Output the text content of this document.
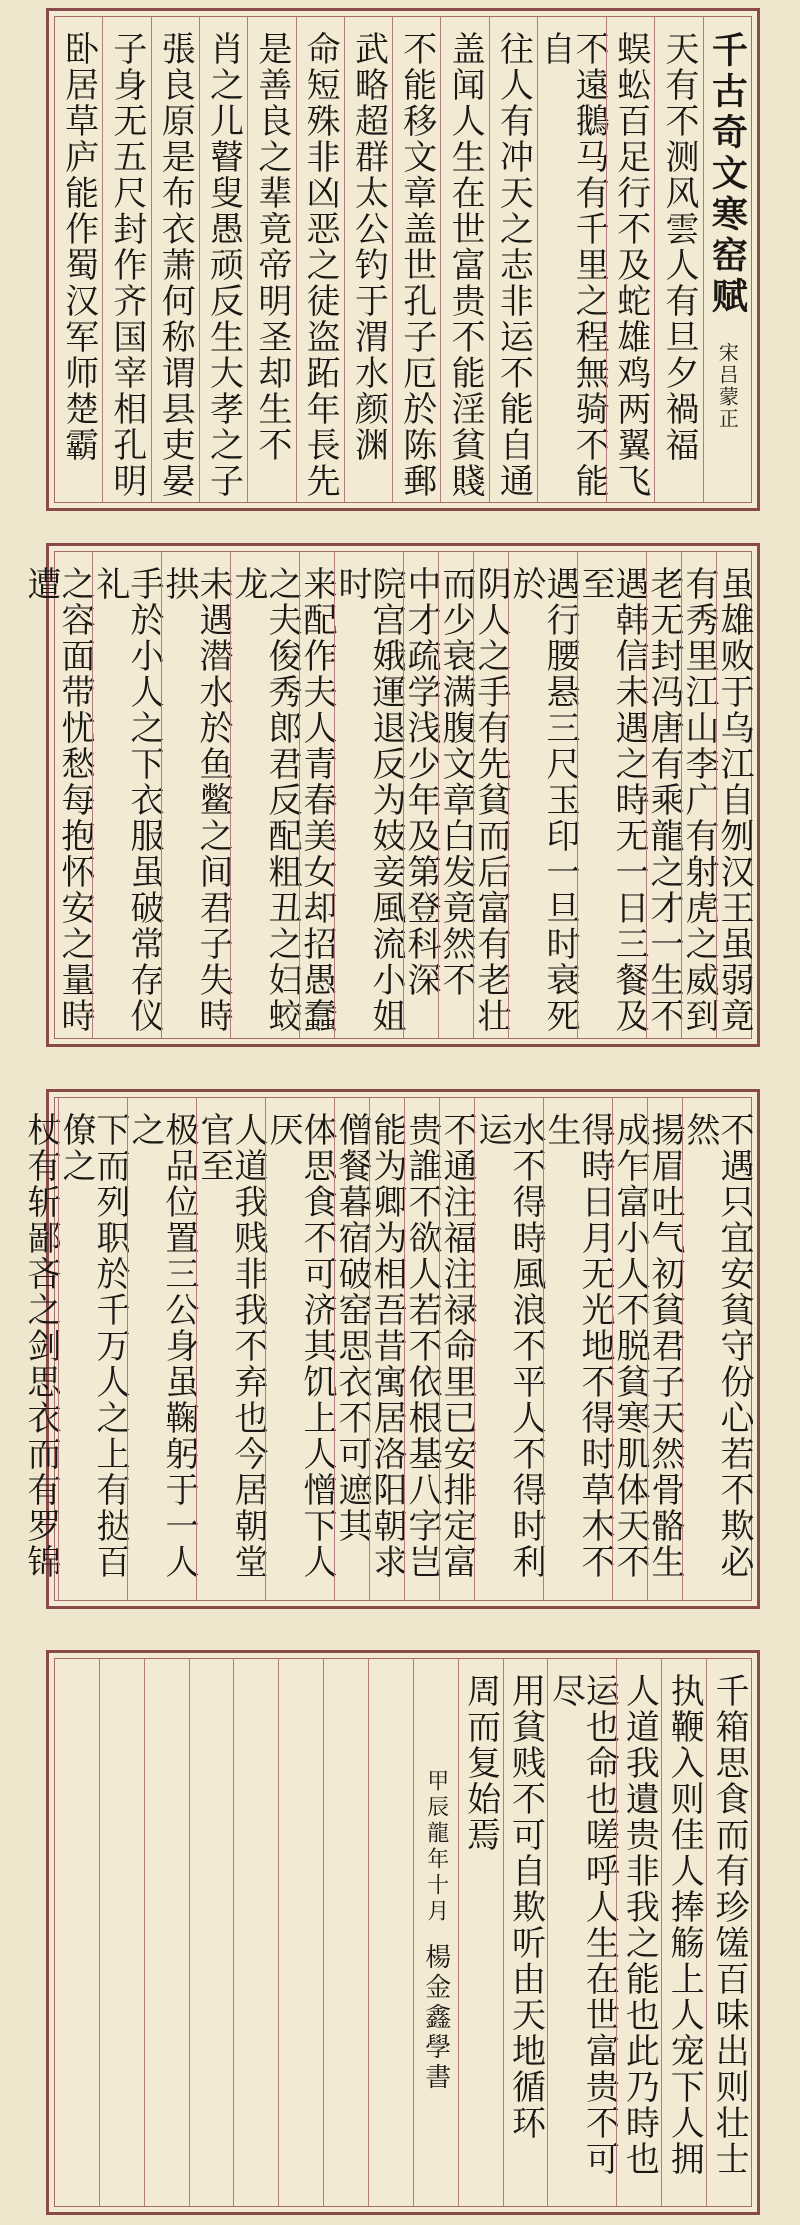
千古奇文寒窑赋
宋吕蒙正
天有不测风雲人有旦夕禍福
蜈蚣百足行不及蛇雄鸡两翼飞
不遠鵝马有千里之程無骑不能自
往人有冲天之志非运不能自通
盖闻人生在世富贵不能淫貧賤
不能移文章盖世孔子厄於陈郵
武略超群太公钓于渭水颜渊
命短殊非凶恶之徒盗跖年長先
是善良之辈竟帝明圣却生不
肖之儿瞽叟愚顽反生大孝之子
張良原是布衣萧何称谓县吏晏
子身无五尺封作齐国宰相孔明
卧居草庐能作蜀汉军师楚霸
虽雄败于乌江自刎汉王虽弱竟
有秀里江山李广有射虎之威到
老无封冯唐有乘龍之才一生不
遇韩信未遇之時无一日三餐及至
遇行腰悬三尺玉印一旦时衰死於
阴人之手有先貧而后富有老壮
而少衰满腹文章白发竟然不
中才疏学浅少年及第登科深
院宫娥運退反为妓妾風流小姐时
来配作夫人青春美女却招愚蠢
之夫俊秀郎君反配粗丑之妇蛟龙
未遇潜水於鱼鳖之间君子失時拱
手於小人之下衣服虽破常存仪礼
之容面带忧愁每抱怀安之量時遭
不遇只宜安貧守份心若不欺必然
揚眉吐气初貧君子天然骨骼生
成乍富小人不脱貧寒肌体天不
得時日月无光地不得时草木不生
水不得時風浪不平人不得时利运
不通注福注禄命里已安排定富
贵誰不欲人若不依根基八字岂
能为卿为相吾昔寓居洛阳朝求
僧餐暮宿破窑思衣不可遮其
体思食不可济其饥上人憎下人厌
人道我贱非我不弃也今居朝堂官至
极品位置三公身虽鞠躬于一人之
下而列职於千万人之上有挞百僚之
杖有斩鄙吝之剑思衣而有罗锦
千箱思食而有珍馐百味出则壮士
执鞭入则佳人捧觞上人宠下人拥
人道我遺贵非我之能也此乃時也
运也命也嗟呼人生在世富贵不可尽
用貧贱不可自欺听由天地循环
周而复始焉
甲辰龍年十月
楊金鑫學書
